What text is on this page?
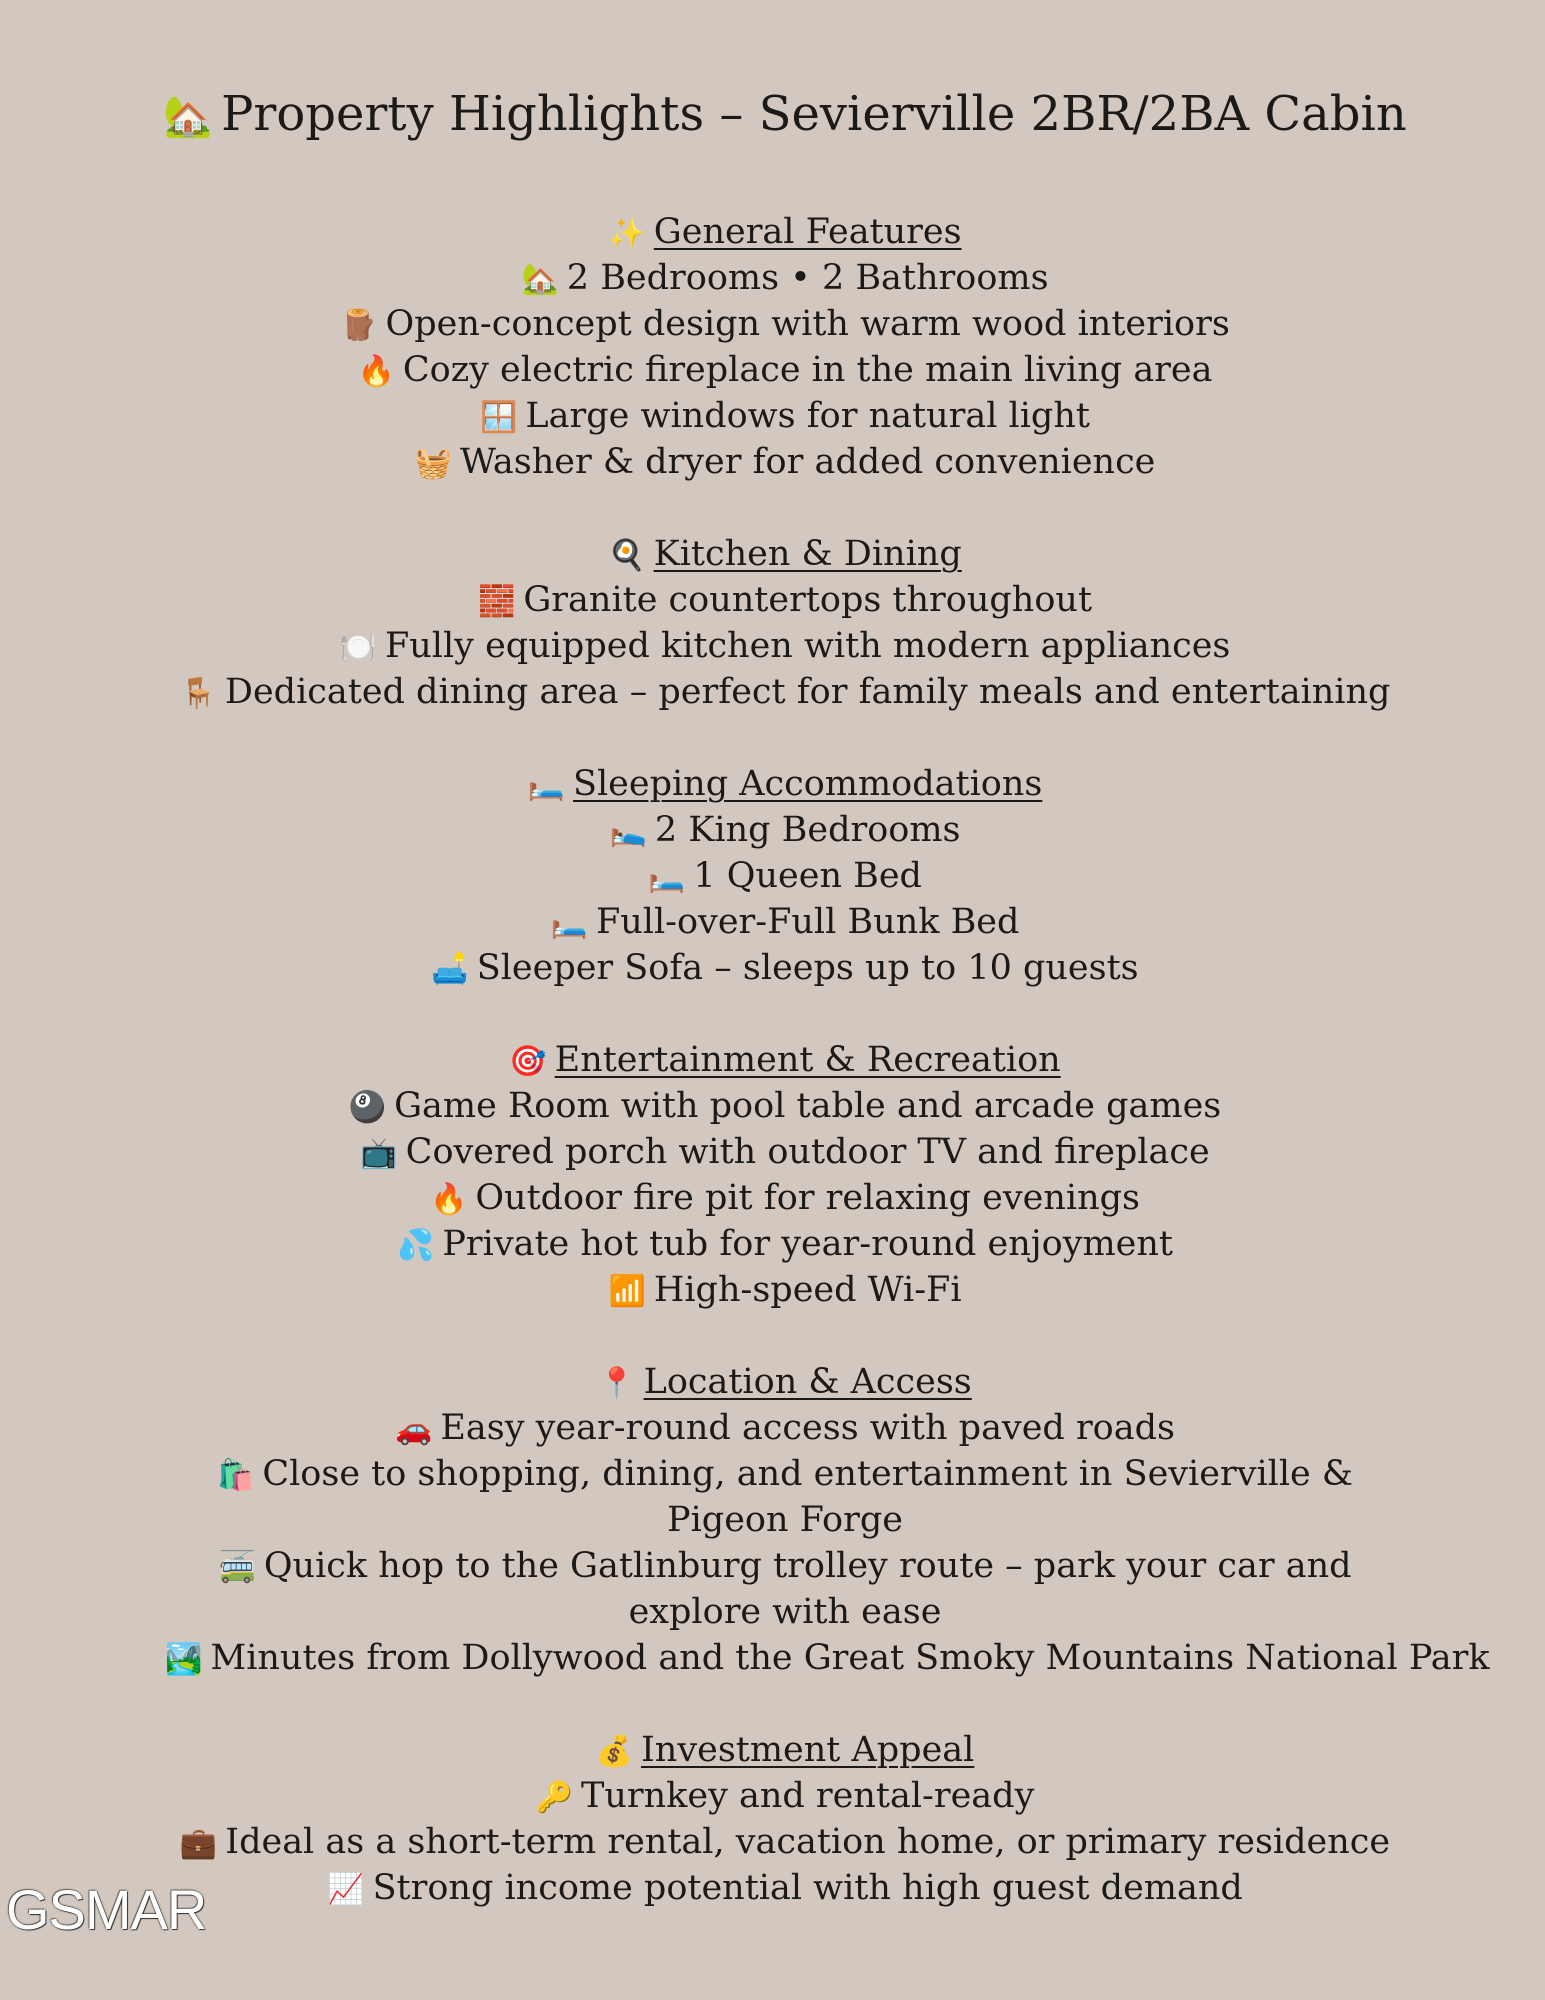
🏡 Property Highlights – Sevierville 2BR/2BA Cabin
✨ General Features
🏡 2 Bedrooms • 2 Bathrooms
🪵 Open-concept design with warm wood interiors
🔥 Cozy electric fireplace in the main living area
🪟 Large windows for natural light
🧺 Washer & dryer for added convenience
🍳 Kitchen & Dining
🧱 Granite countertops throughout
🍽️ Fully equipped kitchen with modern appliances
🪑 Dedicated dining area – perfect for family meals and entertaining
🛏️ Sleeping Accommodations
🛌 2 King Bedrooms
🛏️ 1 Queen Bed
🛏️ Full-over-Full Bunk Bed
🛋️ Sleeper Sofa – sleeps up to 10 guests
🎯 Entertainment & Recreation
🎱 Game Room with pool table and arcade games
📺 Covered porch with outdoor TV and fireplace
🔥 Outdoor fire pit for relaxing evenings
💦 Private hot tub for year-round enjoyment
📶 High-speed Wi-Fi
📍 Location & Access
🚗 Easy year-round access with paved roads
🛍️ Close to shopping, dining, and entertainment in Sevierville & Pigeon Forge
🚎 Quick hop to the Gatlinburg trolley route – park your car and explore with ease
🏞️ Minutes from Dollywood and the Great Smoky Mountains National Park
💰 Investment Appeal
🔑 Turnkey and rental-ready
💼 Ideal as a short-term rental, vacation home, or primary residence
📈 Strong income potential with high guest demand
GSMAR
